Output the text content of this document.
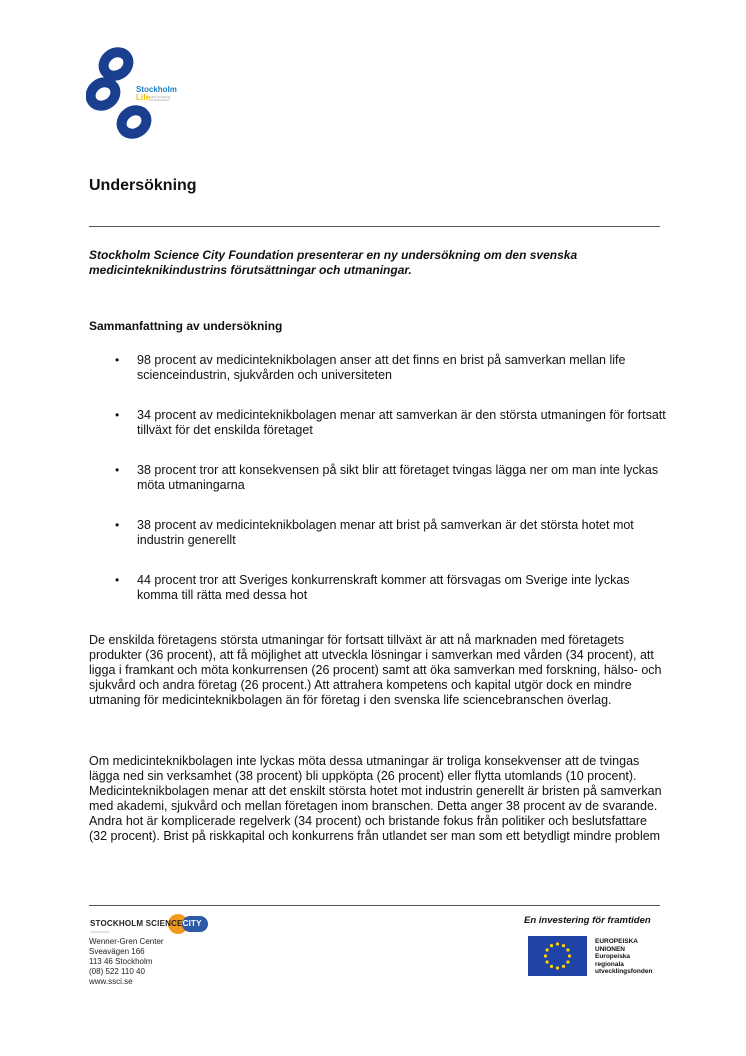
Stockholm
Life LIFE SCIENCE STOCKHOLM
Undersökning
Stockholm Science City Foundation presenterar en ny undersökning om den svenska medicinteknikindustrins förutsättningar och utmaningar.
Sammanfattning av undersökning
• 98 procent av medicinteknikbolagen anser att det finns en brist på samverkan mellan life scienceindustrin, sjukvården och universiteten
• 34 procent av medicinteknikbolagen menar att samverkan är den största utmaningen för fortsatt tillväxt för det enskilda företaget
• 38 procent tror att konsekvensen på sikt blir att företaget tvingas lägga ner om man inte lyckas möta utmaningarna
• 38 procent av medicinteknikbolagen menar att brist på samverkan är det största hotet mot industrin generellt
• 44 procent tror att Sveriges konkurrenskraft kommer att försvagas om Sverige inte lyckas komma till rätta med dessa hot

De enskilda företagens största utmaningar för fortsatt tillväxt är att nå marknaden med företagets produkter (36 procent), att få möjlighet att utveckla lösningar i samverkan med vården (34 procent), att ligga i framkant och möta konkurrensen (26 procent) samt att öka samverkan med forskning, hälso- och sjukvård och andra företag (26 procent.) Att attrahera kompetens och kapital utgör dock en mindre utmaning för medicinteknikbolagen än för företag i den svenska life sciencebranschen överlag.

Om medicinteknikbolagen inte lyckas möta dessa utmaningar är troliga konsekvenser att de tvingas lägga ned sin verksamhet (38 procent) bli uppköpta (26 procent) eller flytta utomlands (10 procent). Medicinteknikbolagen menar att det enskilt största hotet mot industrin generellt är bristen på samverkan med akademi, sjukvård och mellan företagen inom branschen. Detta anger 38 procent av de svarande. Andra hot är komplicerade regelverk (34 procent) och bristande fokus från politiker och beslutsfattare (32 procent). Brist på riskkapital och konkurrens från utlandet ser man som ett betydligt mindre problem

STOCKHOLM SCIENCECITY
FOUNDATION
Wenner-Gren Center
Sveavägen 166
113 46 Stockholm
(08) 522 110 40
www.ssci.se
En investering för framtiden
EUROPEISKA
UNIONEN
Europeiska
regionala
utvecklingsfonden
